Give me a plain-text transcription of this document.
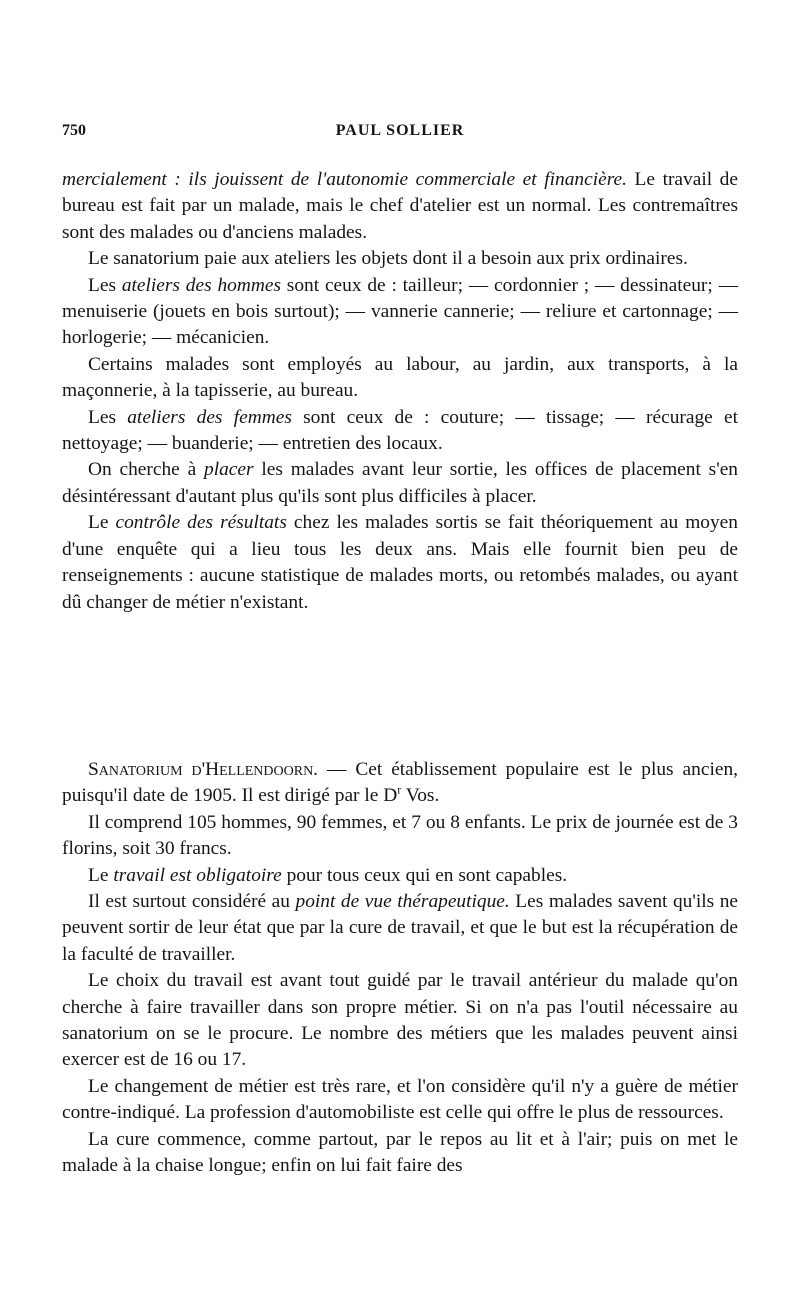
750	PAUL SOLLIER

mercialement : ils jouissent de l'autonomie commerciale et financière. Le travail de bureau est fait par un malade, mais le chef d'atelier est un normal. Les contremaîtres sont des malades ou d'anciens malades.

Le sanatorium paie aux ateliers les objets dont il a besoin aux prix ordinaires.

Les ateliers des hommes sont ceux de : tailleur; — cordonnier ; — dessinateur; — menuiserie (jouets en bois surtout); — vannerie cannerie; — reliure et cartonnage; — horlogerie; — mécanicien.

Certains malades sont employés au labour, au jardin, aux transports, à la maçonnerie, à la tapisserie, au bureau.

Les ateliers des femmes sont ceux de : couture; — tissage; — récurage et nettoyage; — buanderie; — entretien des locaux.

On cherche à placer les malades avant leur sortie, les offices de placement s'en désintéressant d'autant plus qu'ils sont plus difficiles à placer.

Le contrôle des résultats chez les malades sortis se fait théoriquement au moyen d'une enquête qui a lieu tous les deux ans. Mais elle fournit bien peu de renseignements : aucune statistique de malades morts, ou retombés malades, ou ayant dû changer de métier n'existant.

Sanatorium d'Hellendoorn. — Cet établissement populaire est le plus ancien, puisqu'il date de 1905. Il est dirigé par le $D^r$ Vos.

Il comprend 105 hommes, 90 femmes, et 7 ou 8 enfants. Le prix de journée est de 3 florins, soit 30 francs.

Le travail est obligatoire pour tous ceux qui en sont capables.

Il est surtout considéré au point de vue thérapeutique. Les malades savent qu'ils ne peuvent sortir de leur état que par la cure de travail, et que le but est la récupération de la faculté de travailler.

Le choix du travail est avant tout guidé par le travail antérieur du malade qu'on cherche à faire travailler dans son propre métier. Si on n'a pas l'outil nécessaire au sanatorium on se le procure. Le nombre des métiers que les malades peuvent ainsi exercer est de 16 ou 17.

Le changement de métier est très rare, et l'on considère qu'il n'y a guère de métier contre-indiqué. La profession d'automobiliste est celle qui offre le plus de ressources.

La cure commence, comme partout, par le repos au lit et à l'air; puis on met le malade à la chaise longue; enfin on lui fait faire des
